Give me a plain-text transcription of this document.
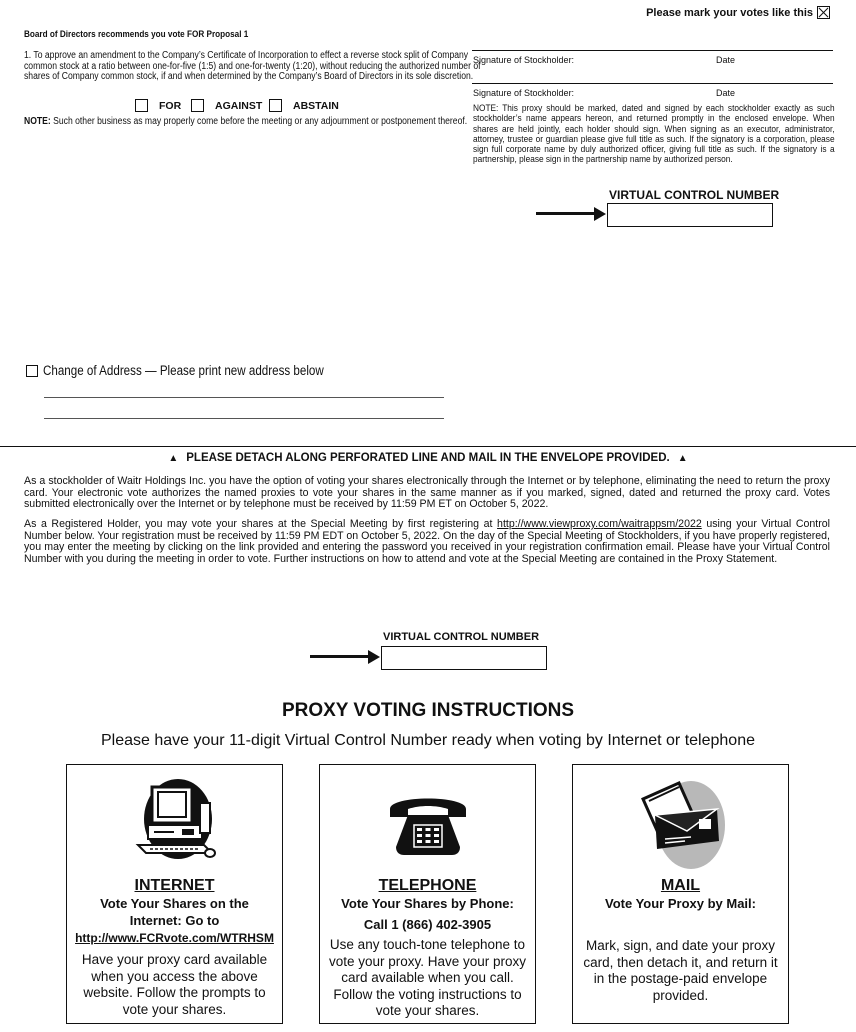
Please mark your votes like this
Board of Directors recommends you vote FOR Proposal 1
1. To approve an amendment to the Company’s Certificate of Incorporation to effect a reverse stock split of Company common stock at a ratio between one-for-five (1:5) and one-for-twenty (1:20), without reducing the authorized number of shares of Company common stock, if and when determined by the Company’s Board of Directors in its sole discretion.
FOR	AGAINST	ABSTAIN
NOTE: Such other business as may properly come before the meeting or any adjournment or postponement thereof.
Signature of Stockholder:	Date
Signature of Stockholder:	Date
NOTE: This proxy should be marked, dated and signed by each stockholder exactly as such stockholder’s name appears hereon, and returned promptly in the enclosed envelope. When shares are held jointly, each holder should sign. When signing as an executor, administrator, attorney, trustee or guardian please give full title as such. If the signatory is a corporation, please sign full corporate name by duly authorized officer, giving full title as such. If the signatory is a partnership, please sign in the partnership name by authorized person.
VIRTUAL CONTROL NUMBER
Change of Address — Please print new address below
▲ PLEASE DETACH ALONG PERFORATED LINE AND MAIL IN THE ENVELOPE PROVIDED. ▲
As a stockholder of Waitr Holdings Inc. you have the option of voting your shares electronically through the Internet or by telephone, eliminating the need to return the proxy card. Your electronic vote authorizes the named proxies to vote your shares in the same manner as if you marked, signed, dated and returned the proxy card. Votes submitted electronically over the Internet or by telephone must be received by 11:59 PM ET on October 5, 2022.
As a Registered Holder, you may vote your shares at the Special Meeting by first registering at http://www.viewproxy.com/waitrappsm/2022 using your Virtual Control Number below. Your registration must be received by 11:59 PM EDT on October 5, 2022. On the day of the Special Meeting of Stockholders, if you have properly registered, you may enter the meeting by clicking on the link provided and entering the password you received in your registration confirmation email. Please have your Virtual Control Number with you during the meeting in order to vote. Further instructions on how to attend and vote at the Special Meeting are contained in the Proxy Statement.
VIRTUAL CONTROL NUMBER
PROXY VOTING INSTRUCTIONS
Please have your 11-digit Virtual Control Number ready when voting by Internet or telephone
INTERNET
Vote Your Shares on the
Internet: Go to
http://www.FCRvote.com/WTRHSM
Have your proxy card available when you access the above website. Follow the prompts to vote your shares.
TELEPHONE
Vote Your Shares by Phone:
Call 1 (866) 402-3905
Use any touch-tone telephone to vote your proxy. Have your proxy card available when you call. Follow the voting instructions to vote your shares.
MAIL
Vote Your Proxy by Mail:
Mark, sign, and date your proxy card, then detach it, and return it in the postage-paid envelope provided.
